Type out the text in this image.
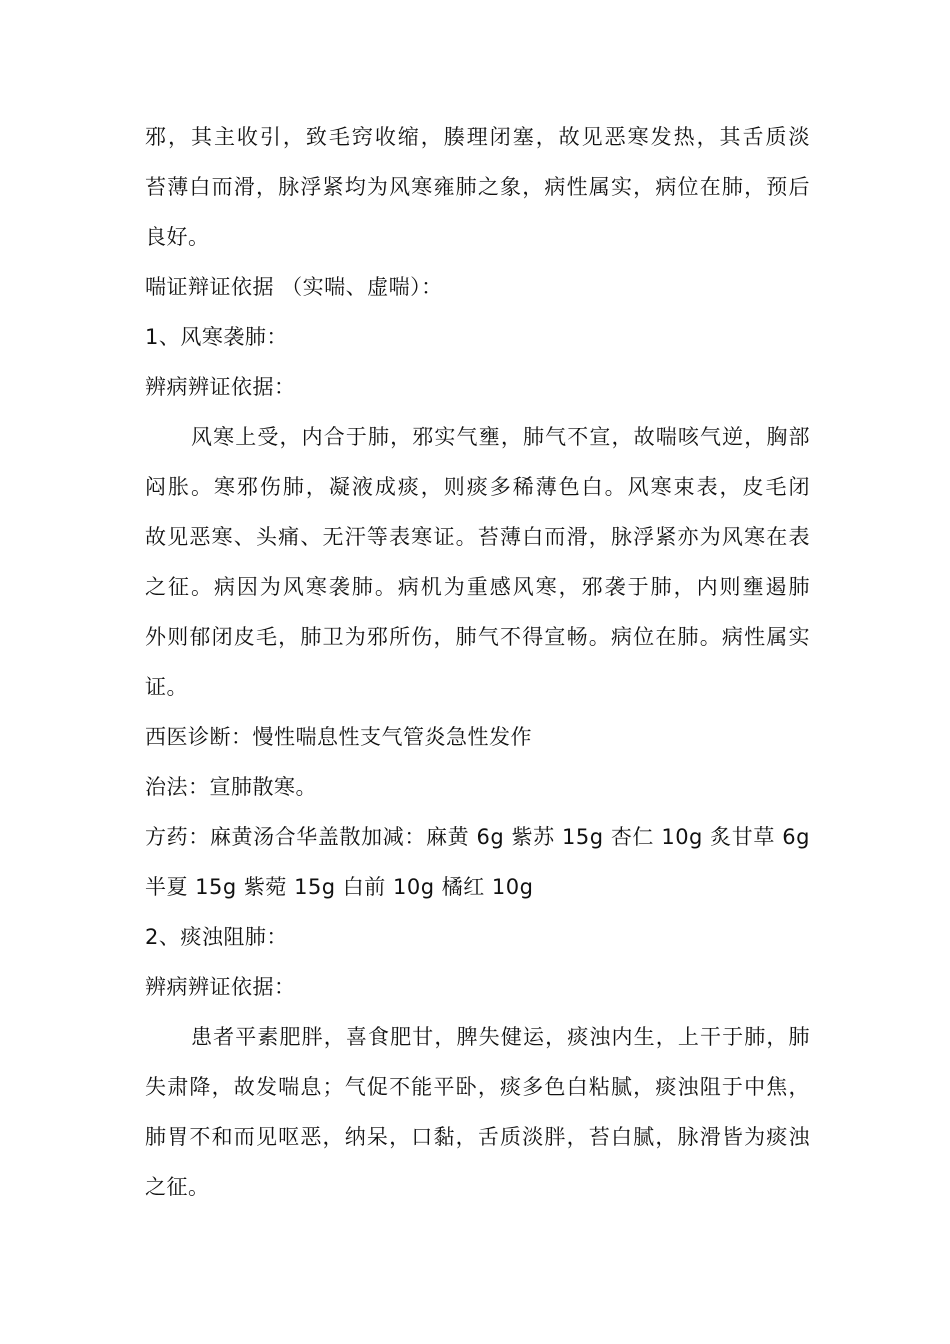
邪，其主收引，致毛窍收缩，腠理闭塞，故见恶寒发热，其舌质淡
苔薄白而滑，脉浮紧均为风寒雍肺之象，病性属实，病位在肺，预后
良好。
喘证辩证依据 （实喘、虚喘）：
1、风寒袭肺：
辨病辨证依据：
风寒上受，内合于肺，邪实气壅，肺气不宣，故喘咳气逆，胸部
闷胀。寒邪伤肺，凝液成痰，则痰多稀薄色白。风寒束表，皮毛闭
故见恶寒、头痛、无汗等表寒证。苔薄白而滑，脉浮紧亦为风寒在表
之征。病因为风寒袭肺。病机为重感风寒，邪袭于肺，内则壅遏肺
外则郁闭皮毛，肺卫为邪所伤，肺气不得宣畅。病位在肺。病性属实
证。
西医诊断：慢性喘息性支气管炎急性发作
治法：宣肺散寒。
方药：麻黄汤合华盖散加减：麻黄 6g 紫苏 15g 杏仁 10g 炙甘草 6g
半夏 15g 紫菀 15g 白前 10g 橘红 10g
2、痰浊阻肺：
辨病辨证依据：
患者平素肥胖，喜食肥甘，脾失健运，痰浊内生，上干于肺，肺
失肃降，故发喘息；气促不能平卧，痰多色白粘腻，痰浊阻于中焦，
肺胃不和而见呕恶，纳呆，口黏，舌质淡胖，苔白腻，脉滑皆为痰浊
之征。
